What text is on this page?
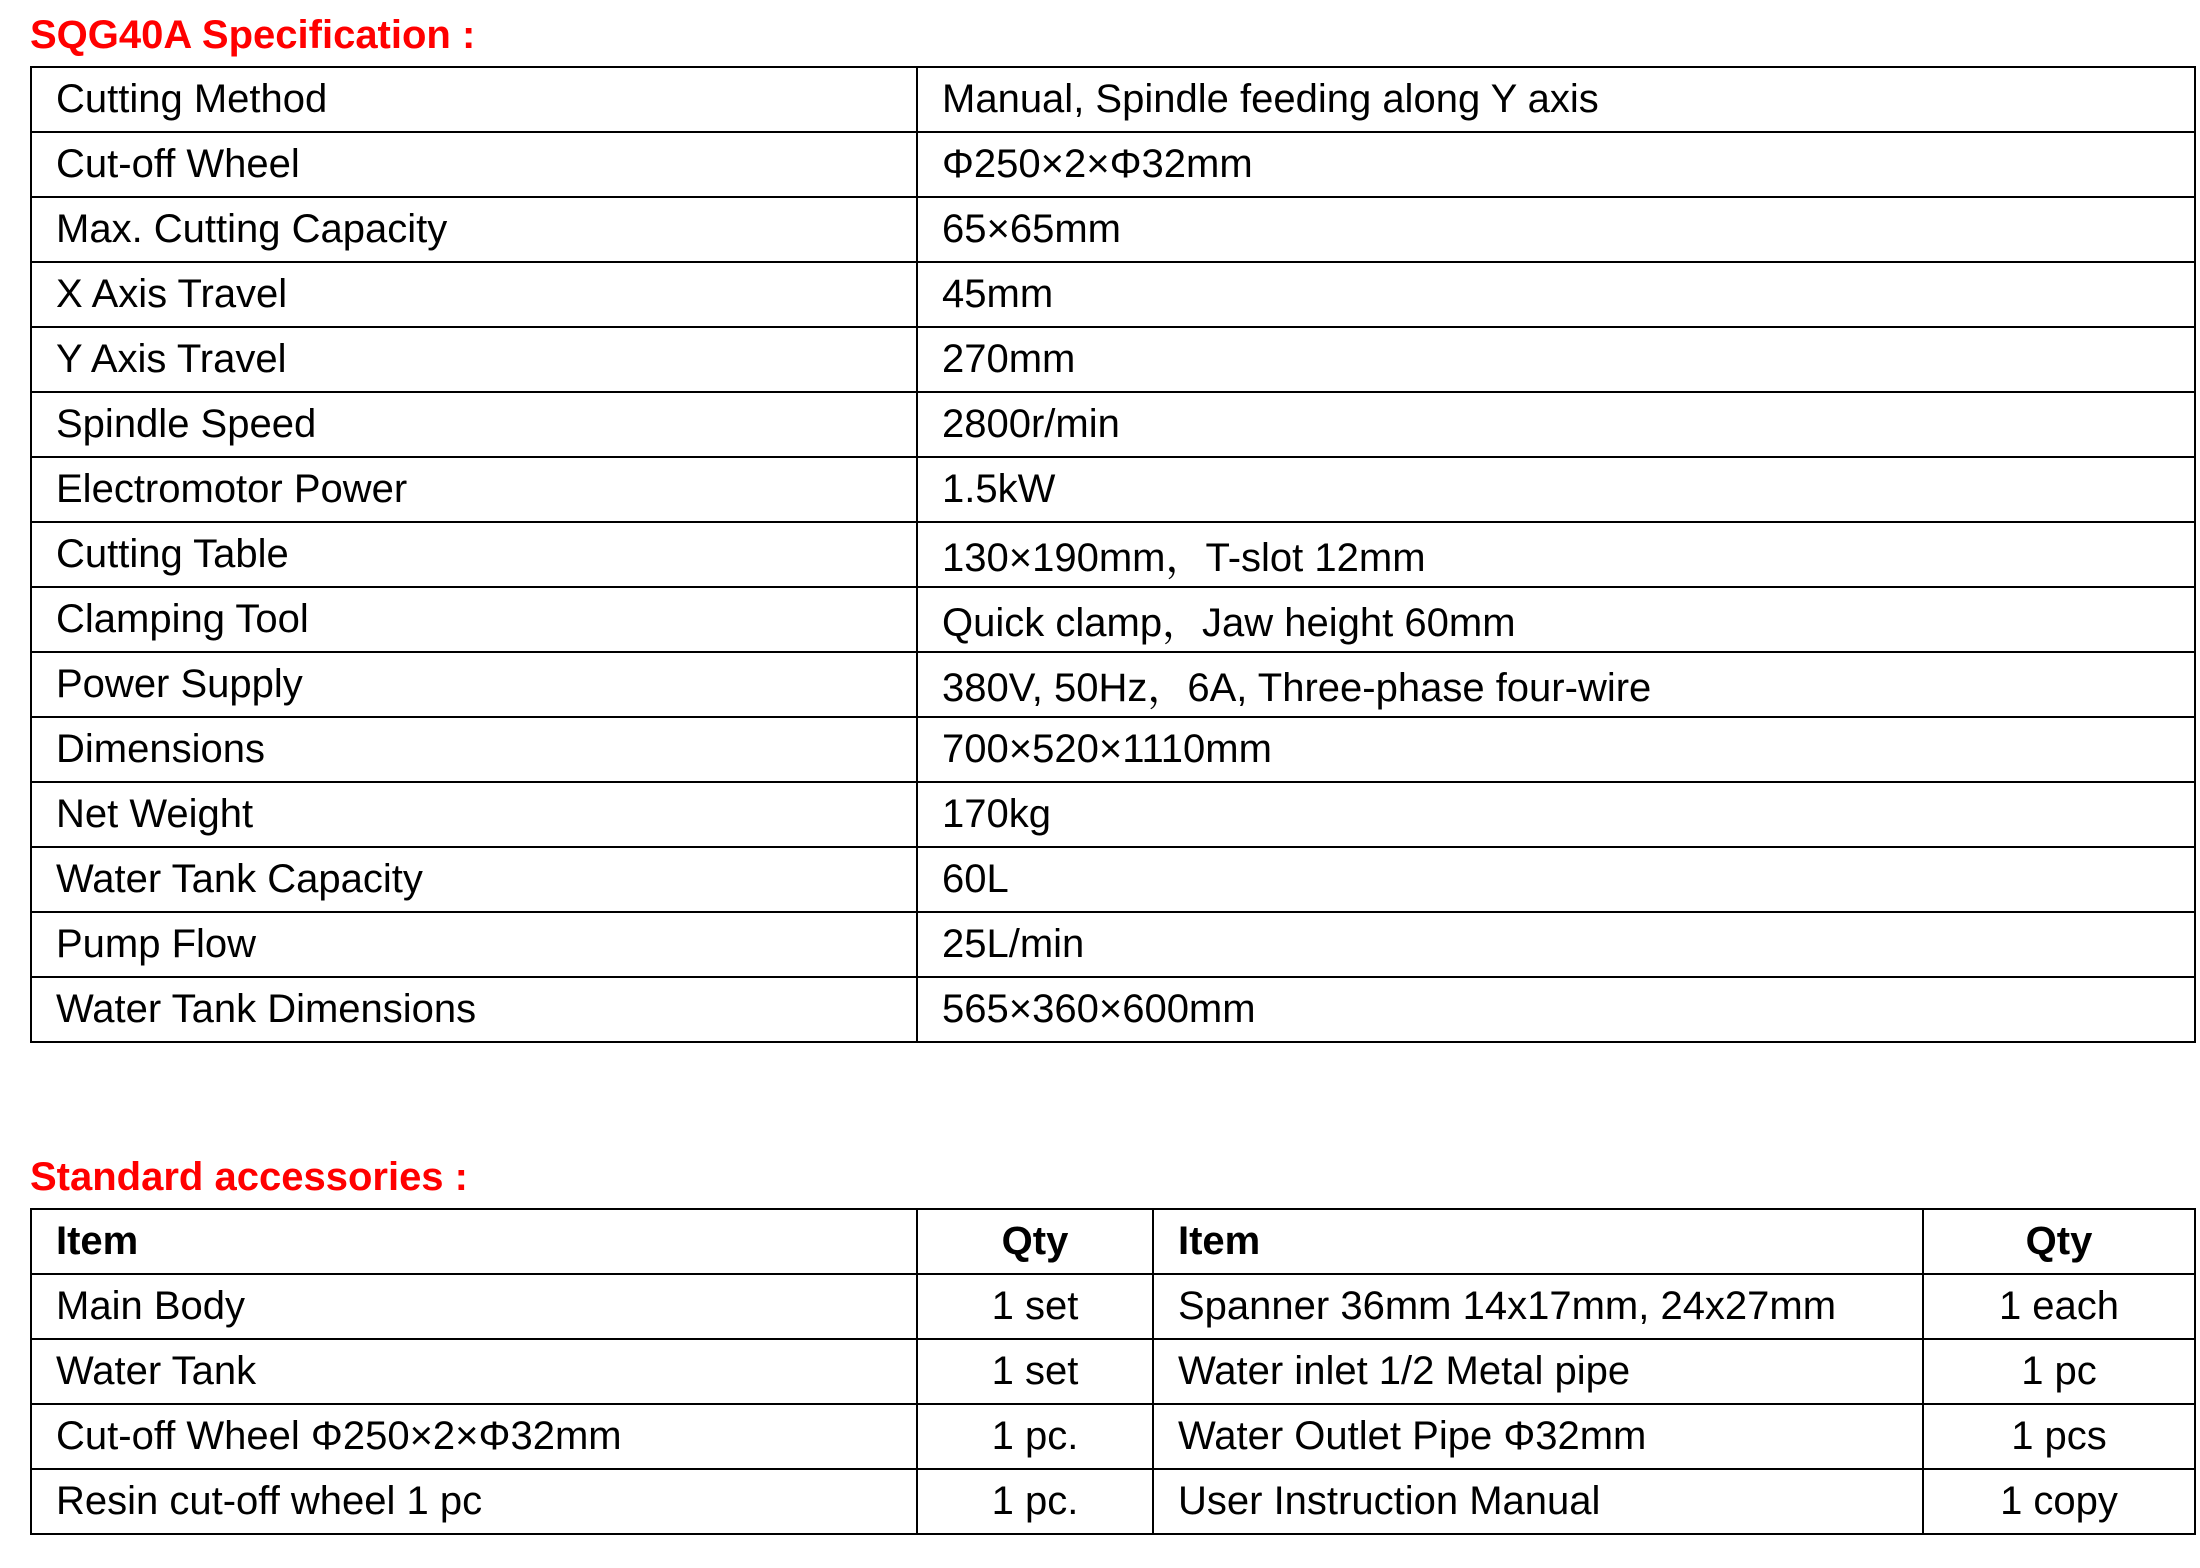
SQG40A Specification :
Cutting Method	Manual, Spindle feeding along Y axis
Cut-off Wheel	Φ250×2×Φ32mm
Max. Cutting Capacity	65×65mm
X Axis Travel	45mm
Y Axis Travel	270mm
Spindle Speed	2800r/min
Electromotor Power	1.5kW
Cutting Table	130×190mm，T-slot 12mm
Clamping Tool	Quick clamp，Jaw height 60mm
Power Supply	380V, 50Hz，6A, Three-phase four-wire
Dimensions	700×520×1110mm
Net Weight	170kg
Water Tank Capacity	60L
Pump Flow	25L/min
Water Tank Dimensions	565×360×600mm
Standard accessories :
Item	Qty	Item	Qty
Main Body	1 set	Spanner 36mm 14x17mm, 24x27mm	1 each
Water Tank	1 set	Water inlet 1/2 Metal pipe	1 pc
Cut-off Wheel Φ250×2×Φ32mm	1 pc.	Water Outlet Pipe Φ32mm	1 pcs
Resin cut-off wheel 1 pc	1 pc.	User Instruction Manual	1 copy
